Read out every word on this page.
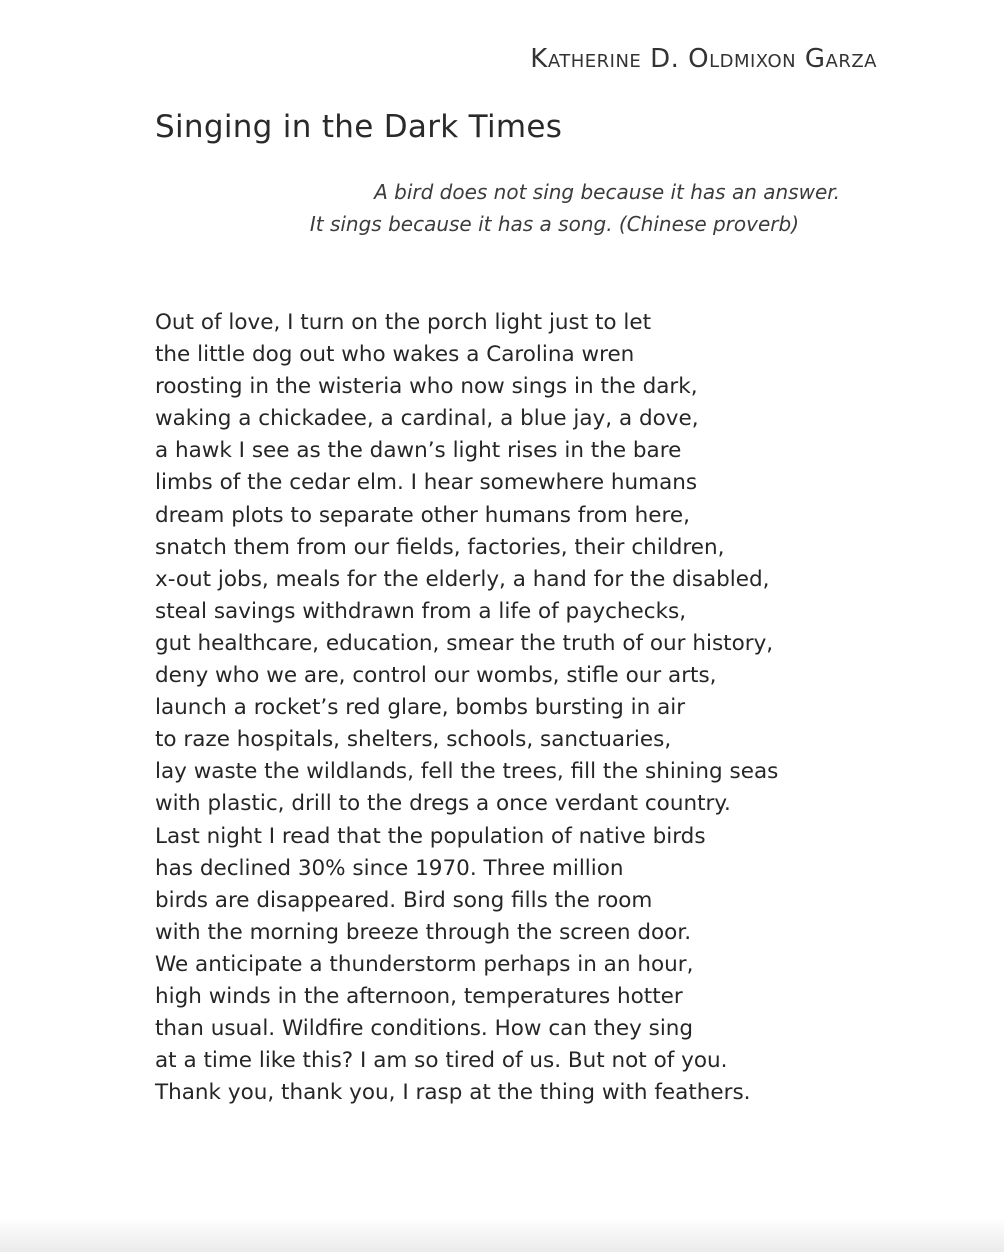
Katherine D. Oldmixon Garza
Singing in the Dark Times
A bird does not sing because it has an answer.
It sings because it has a song. (Chinese proverb)
Out of love, I turn on the porch light just to let
the little dog out who wakes a Carolina wren
roosting in the wisteria who now sings in the dark,
waking a chickadee, a cardinal, a blue jay, a dove,
a hawk I see as the dawn’s light rises in the bare
limbs of the cedar elm. I hear somewhere humans
dream plots to separate other humans from here,
snatch them from our fields, factories, their children,
x-out jobs, meals for the elderly, a hand for the disabled,
steal savings withdrawn from a life of paychecks,
gut healthcare, education, smear the truth of our history,
deny who we are, control our wombs, stifle our arts,
launch a rocket’s red glare, bombs bursting in air
to raze hospitals, shelters, schools, sanctuaries,
lay waste the wildlands, fell the trees, fill the shining seas
with plastic, drill to the dregs a once verdant country.
Last night I read that the population of native birds
has declined 30% since 1970. Three million
birds are disappeared. Bird song fills the room
with the morning breeze through the screen door.
We anticipate a thunderstorm perhaps in an hour,
high winds in the afternoon, temperatures hotter
than usual. Wildfire conditions. How can they sing
at a time like this? I am so tired of us. But not of you.
Thank you, thank you, I rasp at the thing with feathers.
